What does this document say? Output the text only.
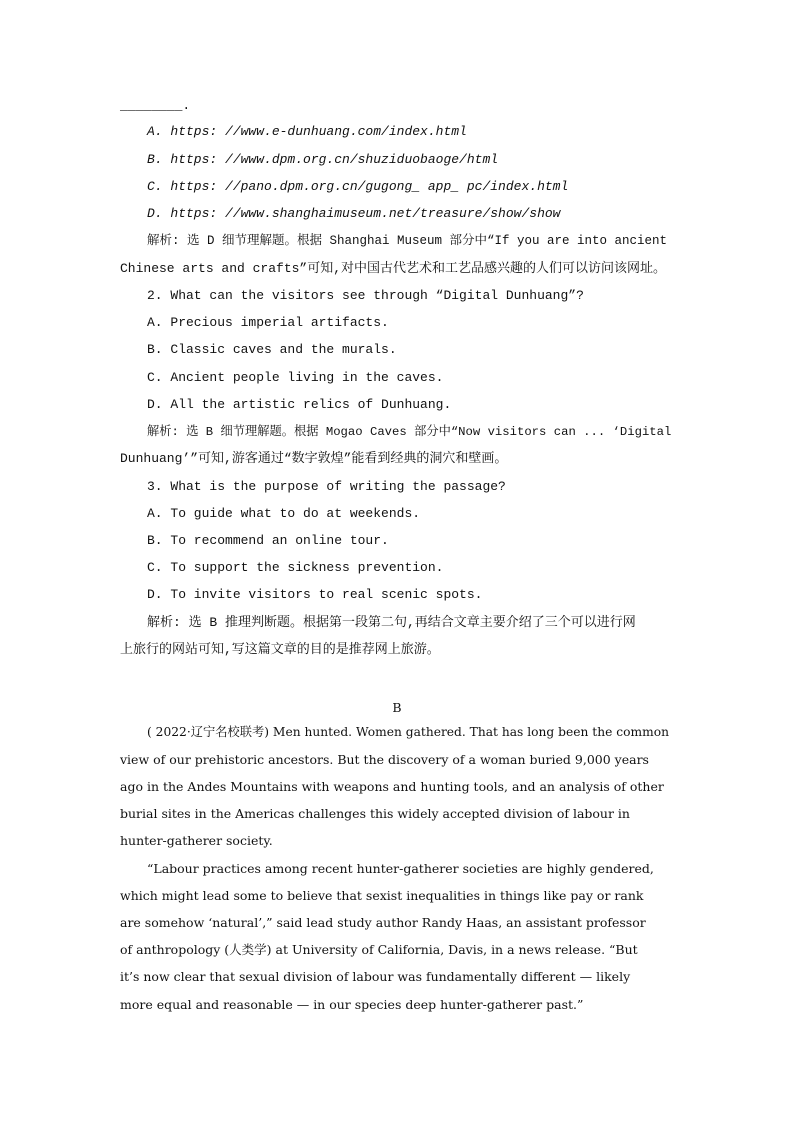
________.
A. https: //www.e-dunhuang.com/index.html
B. https: //www.dpm.org.cn/shuziduobaoge/html
C. https: //pano.dpm.org.cn/gugong_ app_ pc/index.html
D. https: //www.shanghaimuseum.net/treasure/show/show
解析: 选 D 细节理解题。根据 Shanghai Museum 部分中“If you are into ancient
Chinese arts and crafts”可知,对中国古代艺术和工艺品感兴趣的人们可以访问该网址。
2. What can the visitors see through “Digital Dunhuang”?
A. Precious imperial artifacts.
B. Classic caves and the murals.
C. Ancient people living in the caves.
D. All the artistic relics of Dunhuang.
解析: 选 B 细节理解题。根据 Mogao Caves 部分中“Now visitors can ... ‘Digital
Dunhuang’”可知,游客通过“数字敦煌”能看到经典的洞穴和壁画。
3. What is the purpose of writing the passage?
A. To guide what to do at weekends.
B. To recommend an online tour.
C. To support the sickness prevention.
D. To invite visitors to real scenic spots.
解析: 选 B 推理判断题。根据第一段第二句,再结合文章主要介绍了三个可以进行网
上旅行的网站可知,写这篇文章的目的是推荐网上旅游。
B
( 2022·辽宁名校联考) Men hunted. Women gathered. That has long been the common
view of our prehistoric ancestors. But the discovery of a woman buried 9,000 years
ago in the Andes Mountains with weapons and hunting tools, and an analysis of other
burial sites in the Americas challenges this widely accepted division of labour in
hunter-gatherer society.
“Labour practices among recent hunter-gatherer societies are highly gendered,
which might lead some to believe that sexist inequalities in things like pay or rank
are somehow ‘natural’,” said lead study author Randy Haas, an assistant professor
of anthropology (人类学) at University of California, Davis, in a news release. “But
it’s now clear that sexual division of labour was fundamentally different — likely
more equal and reasonable — in our species deep hunter-gatherer past.”
